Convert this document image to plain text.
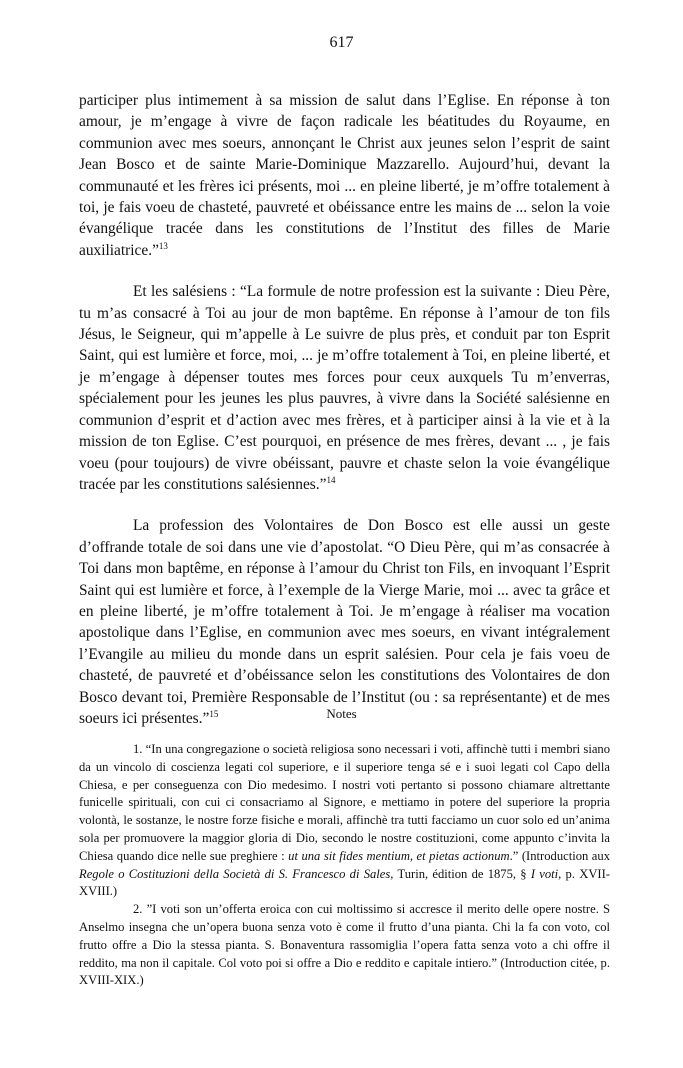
617

participer plus intimement à sa mission de salut dans l’Eglise. En réponse à ton amour, je m’engage à vivre de façon radicale les béatitudes du Royaume, en communion avec mes soeurs, annonçant le Christ aux jeunes selon l’esprit de saint Jean Bosco et de sainte Marie-Dominique Mazzarello. Aujourd’hui, devant la communauté et les frères ici présents, moi ... en pleine liberté, je m’offre totalement à toi, je fais voeu de chasteté, pauvreté et obéissance entre les mains de ... selon la voie évangélique tracée dans les constitutions de l’Institut des filles de Marie auxiliatrice.”$^{13}$

Et les salésiens : “La formule de notre profession est la suivante : Dieu Père, tu m’as consacré à Toi au jour de mon baptême. En réponse à l’amour de ton fils Jésus, le Seigneur, qui m’appelle à Le suivre de plus près, et conduit par ton Esprit Saint, qui est lumière et force, moi, ... je m’offre totalement à Toi, en pleine liberté, et je m’engage à dépenser toutes mes forces pour ceux auxquels Tu m’enverras, spécialement pour les jeunes les plus pauvres, à vivre dans la Société salésienne en communion d’esprit et d’action avec mes frères, et à participer ainsi à la vie et à la mission de ton Eglise. C’est pourquoi, en présence de mes frères, devant ... , je fais voeu (pour toujours) de vivre obéissant, pauvre et chaste selon la voie évangélique tracée par les constitutions salésiennes.”$^{14}$

La profession des Volontaires de Don Bosco est elle aussi un geste d’offrande totale de soi dans une vie d’apostolat. “O Dieu Père, qui m’as consacrée à Toi dans mon baptême, en réponse à l’amour du Christ ton Fils, en invoquant l’Esprit Saint qui est lumière et force, à l’exemple de la Vierge Marie, moi ... avec ta grâce et en pleine liberté, je m’offre totalement à Toi. Je m’engage à réaliser ma vocation apostolique dans l’Eglise, en communion avec mes soeurs, en vivant intégralement l’Evangile au milieu du monde dans un esprit salésien. Pour cela je fais voeu de chasteté, de pauvreté et d’obéissance selon les constitutions des Volontaires de don Bosco devant toi, Première Responsable de l’Institut (ou : sa représentante) et de mes soeurs ici présentes.”$^{15}$	Notes

1. “In una congregazione o società religiosa sono necessari i voti, affinchè tutti i membri siano da un vincolo di coscienza legati col superiore, e il superiore tenga sé e i suoi legati col Capo della Chiesa, e per conseguenza con Dio medesimo. I nostri voti pertanto si possono chiamare altrettante funicelle spirituali, con cui ci consacriamo al Signore, e mettiamo in potere del superiore la propria volontà, le sostanze, le nostre forze fisiche e morali, affinchè tra tutti facciamo un cuor solo ed un’anima sola per promuovere la maggior gloria di Dio, secondo le nostre costituzioni, come appunto c’invita la Chiesa quando dice nelle sue preghiere : ut una sit fides mentium, et pietas actionum.” (Introduction aux Regole o Costituzioni della Società di S. Francesco di Sales, Turin, édition de 1875, § I voti, p. XVII-XVIII.)

2. ”I voti son un’offerta eroica con cui moltissimo si accresce il merito delle opere nostre. S Anselmo insegna che un’opera buona senza voto è come il frutto d’una pianta. Chi la fa con voto, col frutto offre a Dio la stessa pianta. S. Bonaventura rassomiglia l’opera fatta senza voto a chi offre il reddito, ma non il capitale. Col voto poi si offre a Dio e reddito e capitale intiero.” (Introduction citée, p. XVIII-XIX.)
